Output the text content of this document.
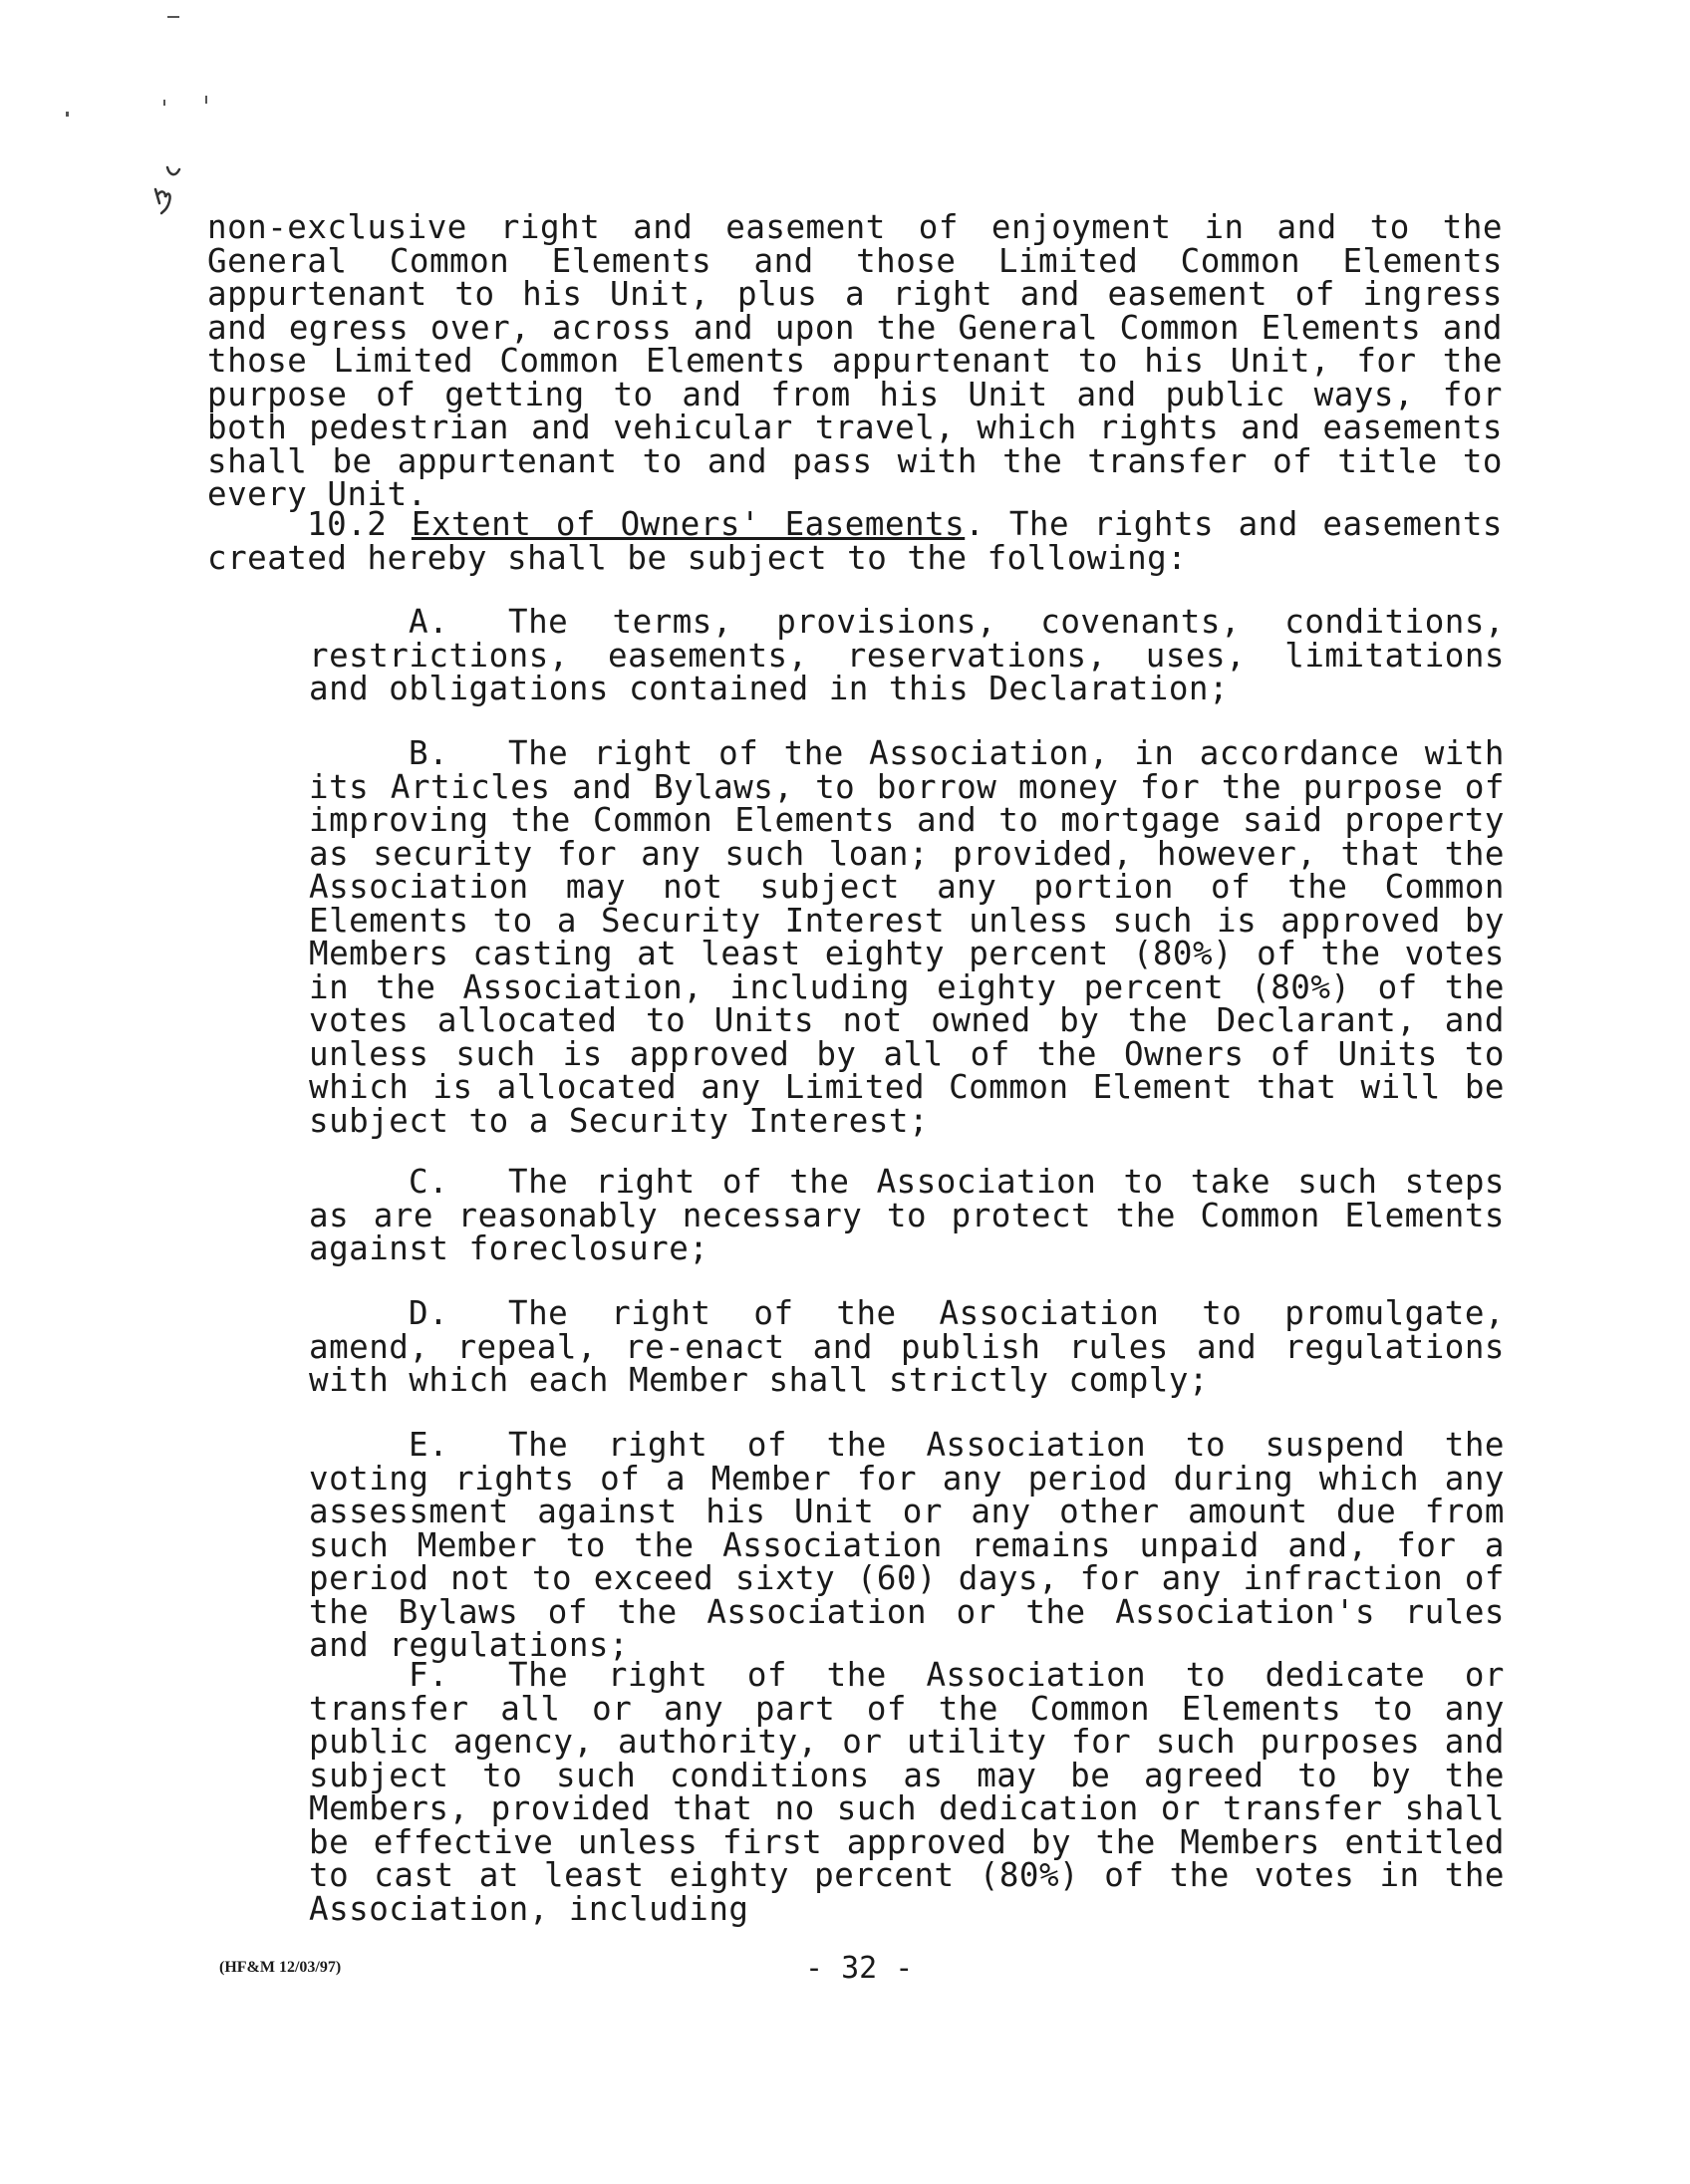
non-exclusive right and easement of enjoyment in and to the General Common Elements and those Limited Common Elements appurtenant to his Unit, plus a right and easement of ingress and egress over, across and upon the General Common Elements and those Limited Common Elements appurtenant to his Unit, for the purpose of getting to and from his Unit and public ways, for both pedestrian and vehicular travel, which rights and easements shall be appurtenant to and pass with the transfer of title to every Unit.

10.2 Extent of Owners' Easements. The rights and easements created hereby shall be subject to the following:

A. The terms, provisions, covenants, conditions, restrictions, easements, reservations, uses, limitations and obligations contained in this Declaration;

B. The right of the Association, in accordance with its Articles and Bylaws, to borrow money for the purpose of improving the Common Elements and to mortgage said property as security for any such loan; provided, however, that the Association may not subject any portion of the Common Elements to a Security Interest unless such is approved by Members casting at least eighty percent (80%) of the votes in the Association, including eighty percent (80%) of the votes allocated to Units not owned by the Declarant, and unless such is approved by all of the Owners of Units to which is allocated any Limited Common Element that will be subject to a Security Interest;

C. The right of the Association to take such steps as are reasonably necessary to protect the Common Elements against foreclosure;

D. The right of the Association to promulgate, amend, repeal, re-enact and publish rules and regulations with which each Member shall strictly comply;

E. The right of the Association to suspend the voting rights of a Member for any period during which any assessment against his Unit or any other amount due from such Member to the Association remains unpaid and, for a period not to exceed sixty (60) days, for any infraction of the Bylaws of the Association or the Association's rules and regulations;

F. The right of the Association to dedicate or transfer all or any part of the Common Elements to any public agency, authority, or utility for such purposes and subject to such conditions as may be agreed to by the Members, provided that no such dedication or transfer shall be effective unless first approved by the Members entitled to cast at least eighty percent (80%) of the votes in the Association, including

(HF&M 12/03/97)	- 32 -
